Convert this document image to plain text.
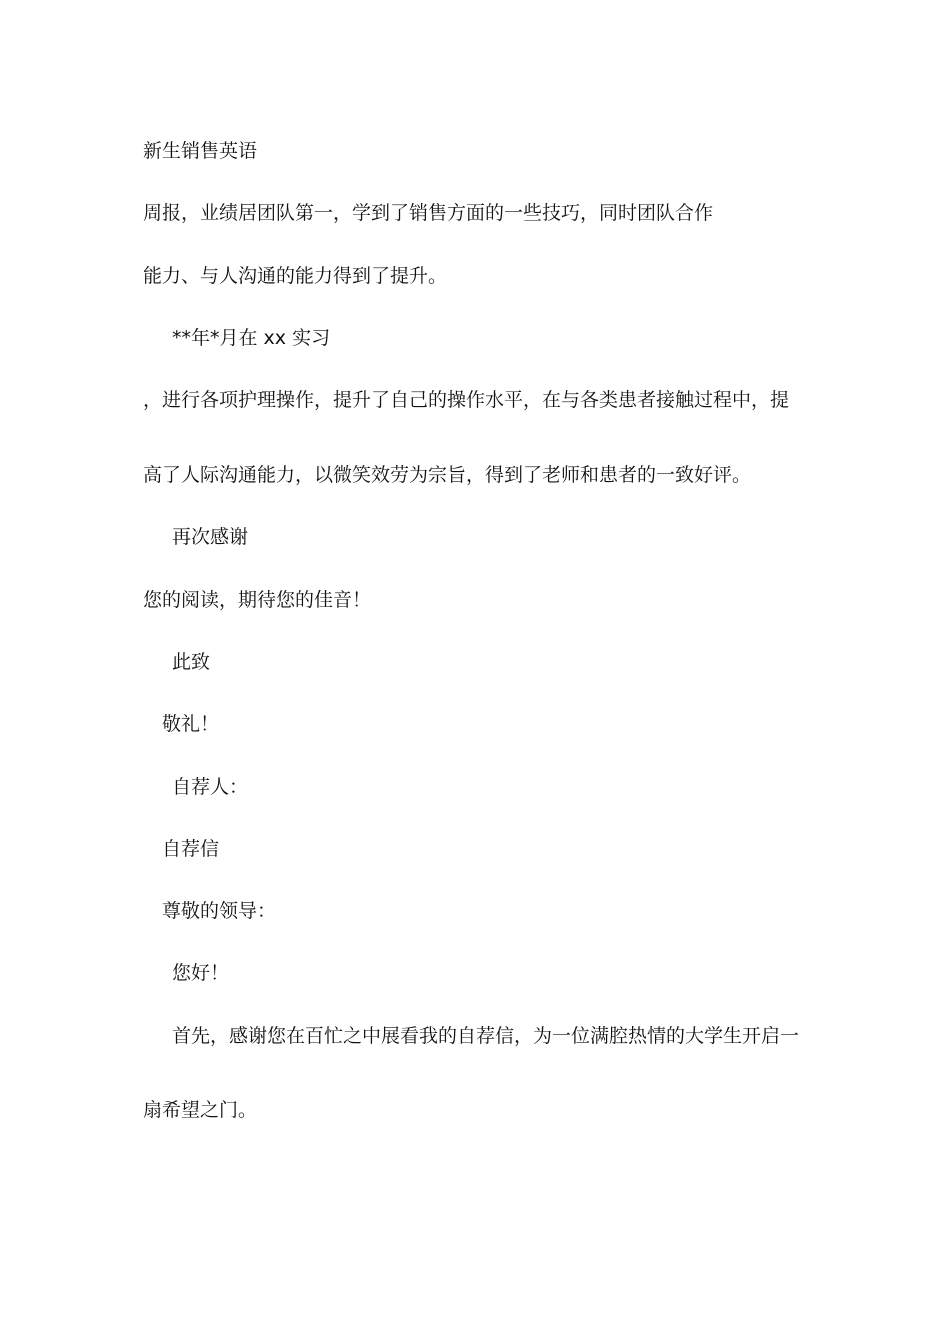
新生销售英语
周报，业绩居团队第一，学到了销售方面的一些技巧，同时团队合作
能力、与人沟通的能力得到了提升。
**年*月在 xx 实习
，进行各项护理操作，提升了自己的操作水平，在与各类患者接触过程中，提
高了人际沟通能力，以微笑效劳为宗旨，得到了老师和患者的一致好评。
再次感谢
您的阅读，期待您的佳音！
此致
敬礼！
自荐人：
自荐信
尊敬的领导：
您好！
首先，感谢您在百忙之中展看我的自荐信，为一位满腔热情的大学生开启一
扇希望之门。
